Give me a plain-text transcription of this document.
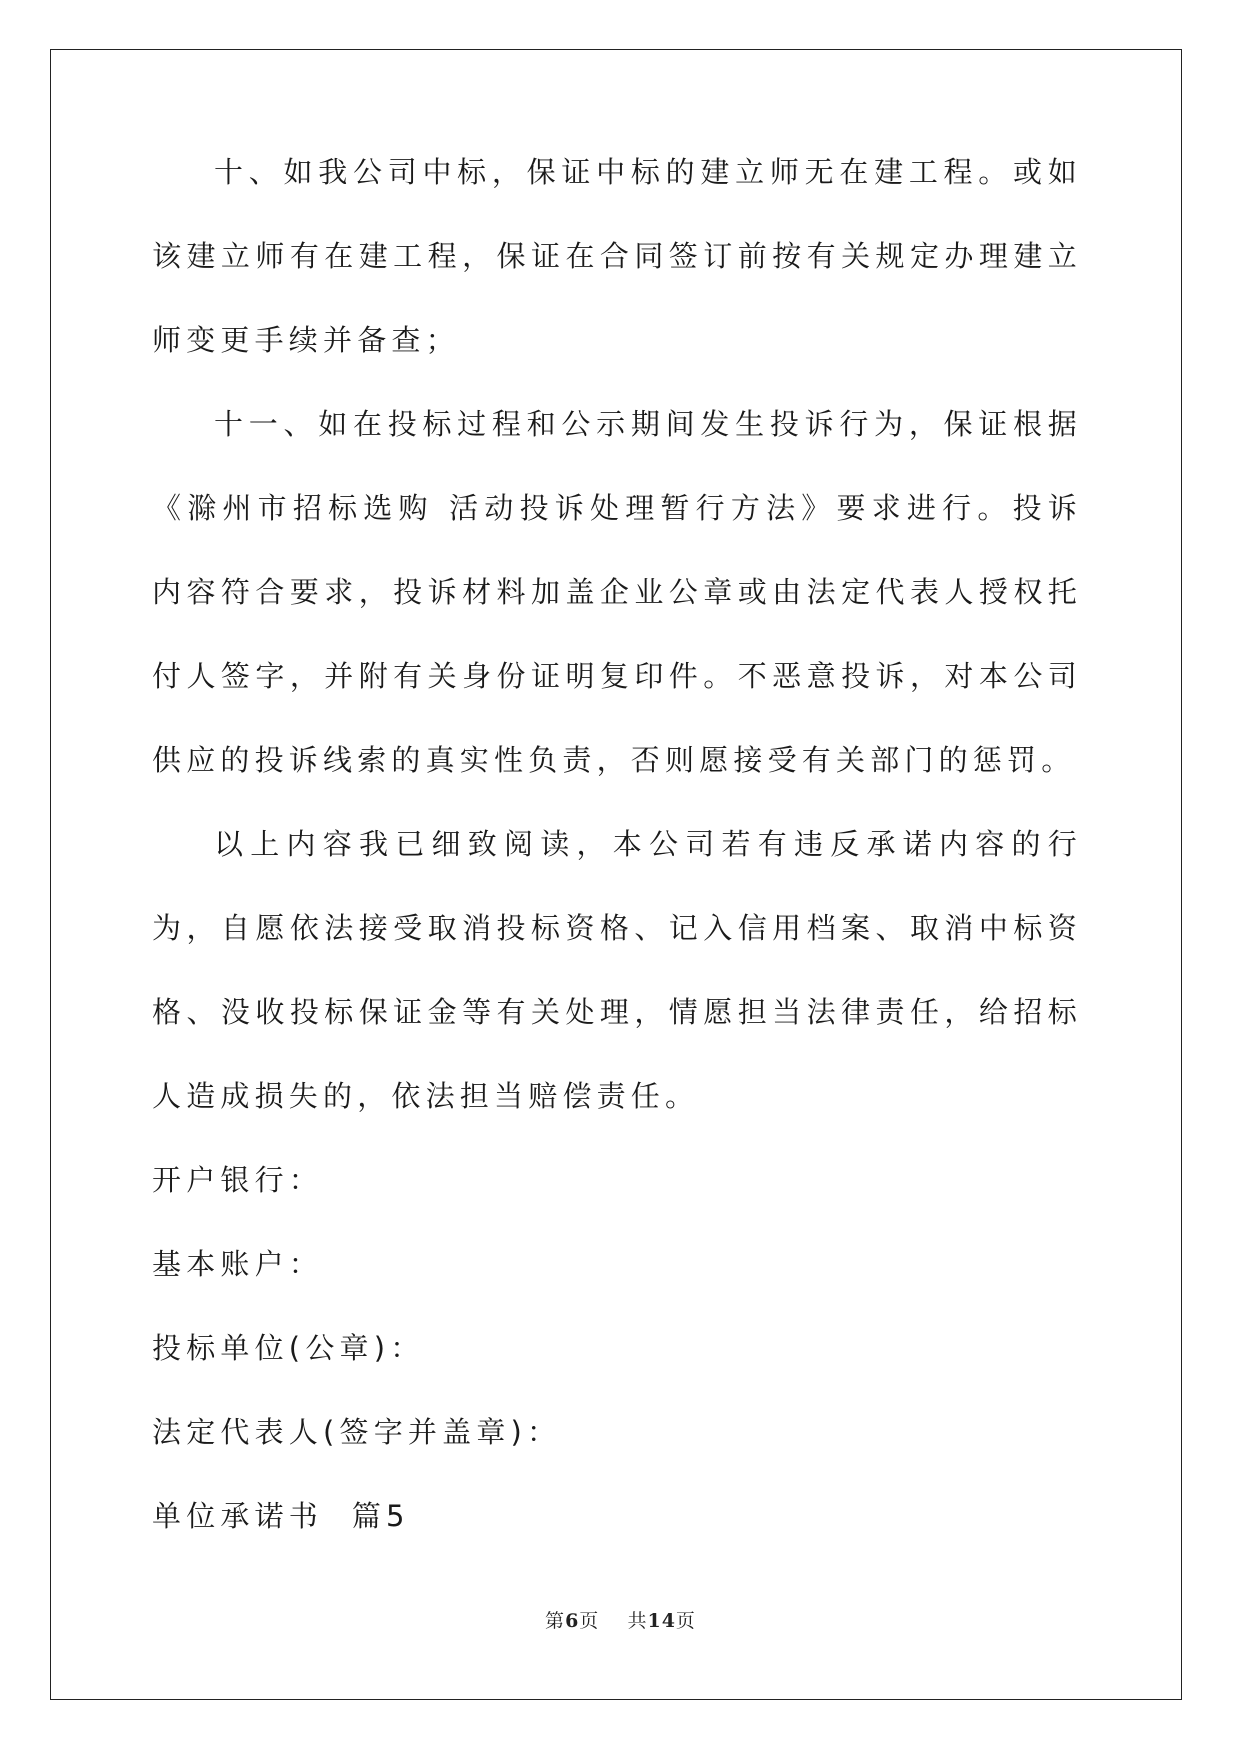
十、如我公司中标，保证中标的建立师无在建工程。或如该建立师有在建工程，保证在合同签订前按有关规定办理建立师变更手续并备查；

十一、如在投标过程和公示期间发生投诉行为，保证根据《滁州市招标选购 活动投诉处理暂行方法》要求进行。投诉内容符合要求，投诉材料加盖企业公章或由法定代表人授权托付人签字，并附有关身份证明复印件。不恶意投诉，对本公司供应的投诉线索的真实性负责，否则愿接受有关部门的惩罚。

以上内容我已细致阅读，本公司若有违反承诺内容的行为，自愿依法接受取消投标资格、记入信用档案、取消中标资格、没收投标保证金等有关处理，情愿担当法律责任，给招标人造成损失的，依法担当赔偿责任。

开户银行：

基本账户：

投标单位(公章)：

法定代表人(签字并盖章)：

单位承诺书  篇5

第6页    共14页
